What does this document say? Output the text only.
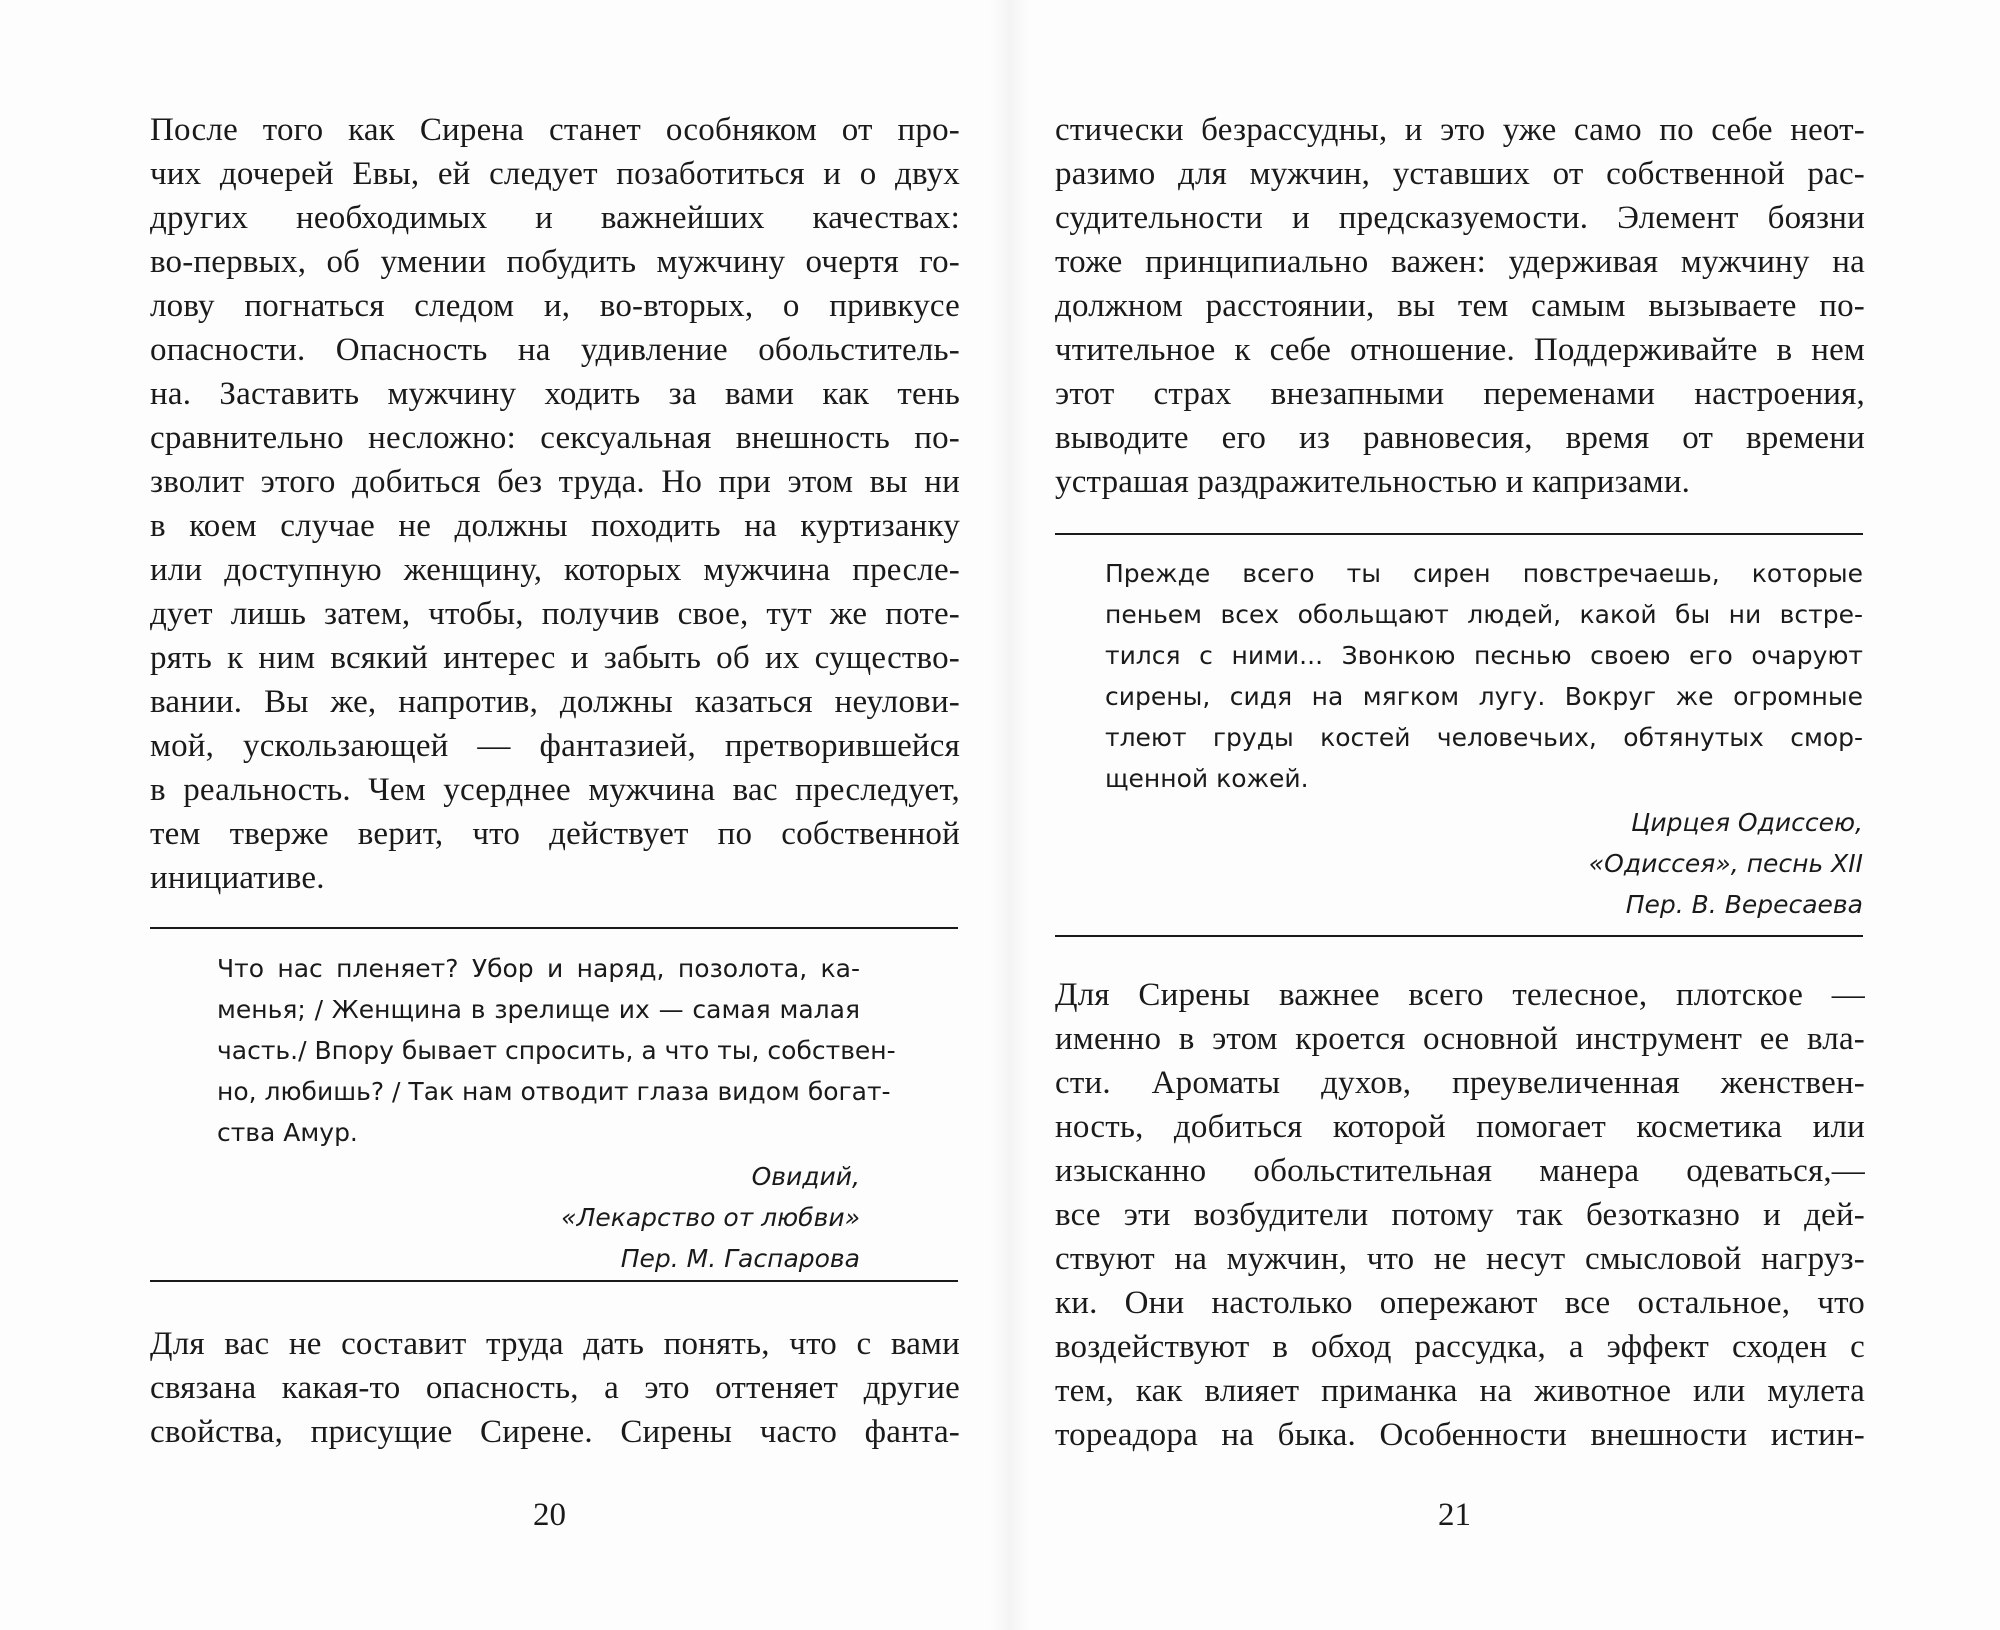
После того как Сирена станет особняком от про-
чих дочерей Евы, ей следует позаботиться и о двух
других необходимых и важнейших качествах:
во-первых, об умении побудить мужчину очертя го-
лову погнаться следом и, во-вторых, о привкусе
опасности. Опасность на удивление обольститель-
на. Заставить мужчину ходить за вами как тень
сравнительно несложно: сексуальная внешность по-
зволит этого добиться без труда. Но при этом вы ни
в коем случае не должны походить на куртизанку
или доступную женщину, которых мужчина пресле-
дует лишь затем, чтобы, получив свое, тут же поте-
рять к ним всякий интерес и забыть об их существо-
вании. Вы же, напротив, должны казаться неулови-
мой, ускользающей — фантазией, претворившейся
в реальность. Чем усерднее мужчина вас преследует,
тем тверже верит, что действует по собственной
инициативе.
Что нас пленяет? Убор и наряд, позолота, ка-
менья; / Женщина в зрелище их — самая малая
часть./ Впору бывает спросить, а что ты, собствен-
но, любишь? / Так нам отводит глаза видом богат-
ства Амур.
Овидий,
«Лекарство от любви»
Пер. М. Гаспарова
Для вас не составит труда дать понять, что с вами
связана какая-то опасность, а это оттеняет другие
свойства, присущие Сирене. Сирены часто фанта-
20
стически безрассудны, и это уже само по себе неот-
разимо для мужчин, уставших от собственной рас-
судительности и предсказуемости. Элемент боязни
тоже принципиально важен: удерживая мужчину на
должном расстоянии, вы тем самым вызываете по-
чтительное к себе отношение. Поддерживайте в нем
этот страх внезапными переменами настроения,
выводите его из равновесия, время от времени
устрашая раздражительностью и капризами.
Прежде всего ты сирен повстречаешь, которые
пеньем всех обольщают людей, какой бы ни встре-
тился с ними... Звонкою песнью своею его очаруют
сирены, сидя на мягком лугу. Вокруг же огромные
тлеют груды костей человечьих, обтянутых смор-
щенной кожей.
Цирцея Одиссею,
«Одиссея», песнь XII
Пер. В. Вересаева
Для Сирены важнее всего телесное, плотское —
именно в этом кроется основной инструмент ее вла-
сти. Ароматы духов, преувеличенная женствен-
ность, добиться которой помогает косметика или
изысканно обольстительная манера одеваться,—
все эти возбудители потому так безотказно и дей-
ствуют на мужчин, что не несут смысловой нагруз-
ки. Они настолько опережают все остальное, что
воздействуют в обход рассудка, а эффект сходен с
тем, как влияет приманка на животное или мулета
тореадора на быка. Особенности внешности истин-
21
